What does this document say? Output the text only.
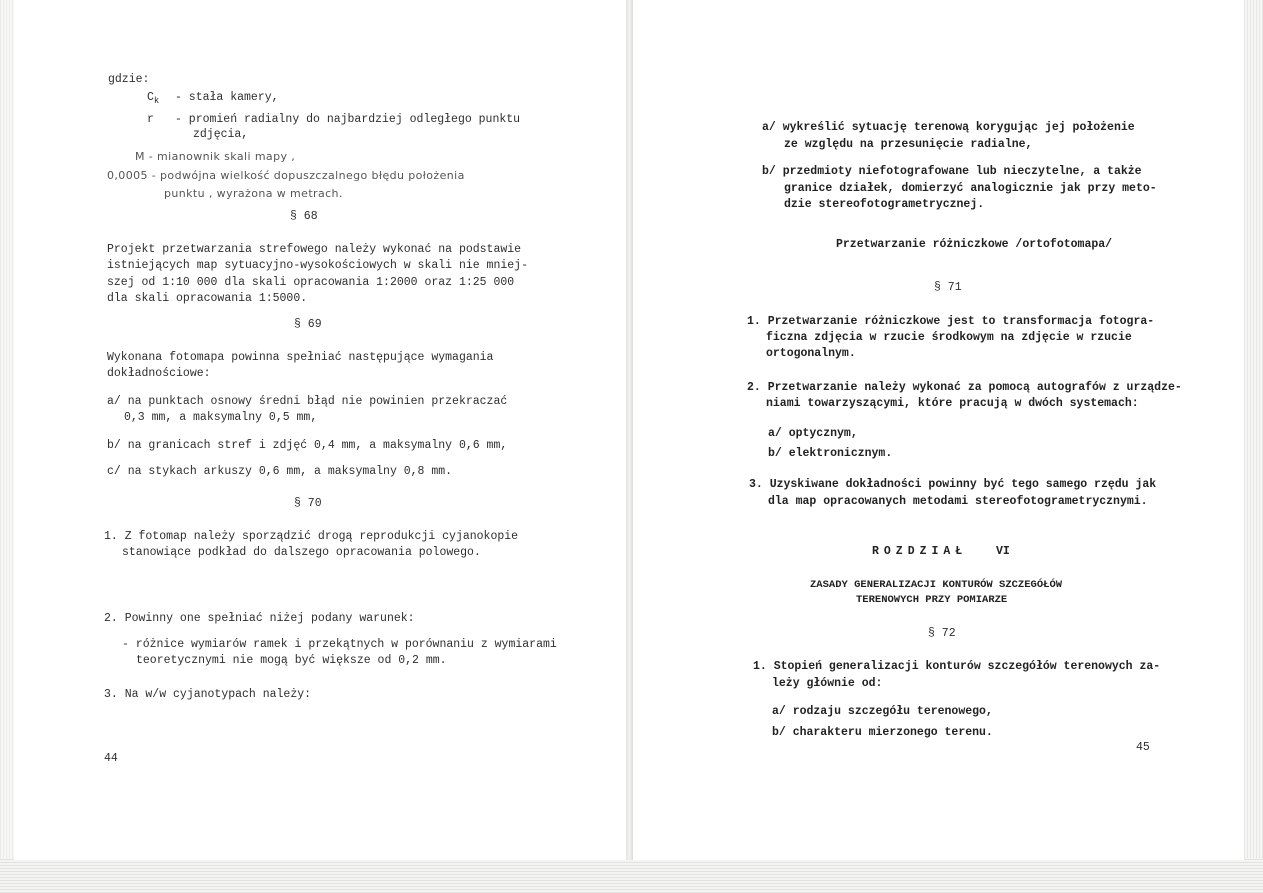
gdzie:
$C_k$ - stała kamery,
r - promień radialny do najbardziej odległego punktu
zdjęcia,
M - mianownik skali mapy ,
0,0005 - podwójna wielkość dopuszczalnego błędu położenia
punktu , wyrażona w metrach.
§ 68
Projekt przetwarzania strefowego należy wykonać na podstawie
istniejących map sytuacyjno-wysokościowych w skali nie mniej-
szej od 1:10 000 dla skali opracowania 1:2000 oraz 1:25 000
dla skali opracowania 1:5000.
§ 69
Wykonana fotomapa powinna spełniać następujące wymagania
dokładnościowe:
a/ na punktach osnowy średni błąd nie powinien przekraczać
0,3 mm, a maksymalny 0,5 mm,
b/ na granicach stref i zdjęć 0,4 mm, a maksymalny 0,6 mm,
c/ na stykach arkuszy 0,6 mm, a maksymalny 0,8 mm.
§ 70
1. Z fotomap należy sporządzić drogą reprodukcji cyjanokopie
stanowiące podkład do dalszego opracowania polowego.
2. Powinny one spełniać niżej podany warunek:
- różnice wymiarów ramek i przekątnych w porównaniu z wymiarami
teoretycznymi nie mogą być większe od 0,2 mm.
3. Na w/w cyjanotypach należy:
44
a/ wykreślić sytuację terenową korygując jej położenie
ze względu na przesunięcie radialne,
b/ przedmioty niefotografowane lub nieczytelne, a także
granice działek, domierzyć analogicznie jak przy meto-
dzie stereofotogrametrycznej.
Przetwarzanie różniczkowe /ortofotomapa/
§ 71
1. Przetwarzanie różniczkowe jest to transformacja fotogra-
ficzna zdjęcia w rzucie środkowym na zdjęcie w rzucie
ortogonalnym.
2. Przetwarzanie należy wykonać za pomocą autografów z urządze-
niami towarzyszącymi, które pracują w dwóch systemach:
a/ optycznym,
b/ elektronicznym.
3. Uzyskiwane dokładności powinny być tego samego rzędu jak
dla map opracowanych metodami stereofotogrametrycznymi.
ROZDZIAŁ	VI
ZASADY GENERALIZACJI KONTURÓW SZCZEGÓŁÓW
TERENOWYCH PRZY POMIARZE
§ 72
1. Stopień generalizacji konturów szczegółów terenowych za-
leży głównie od:
a/ rodzaju szczegółu terenowego,
b/ charakteru mierzonego terenu.
45
